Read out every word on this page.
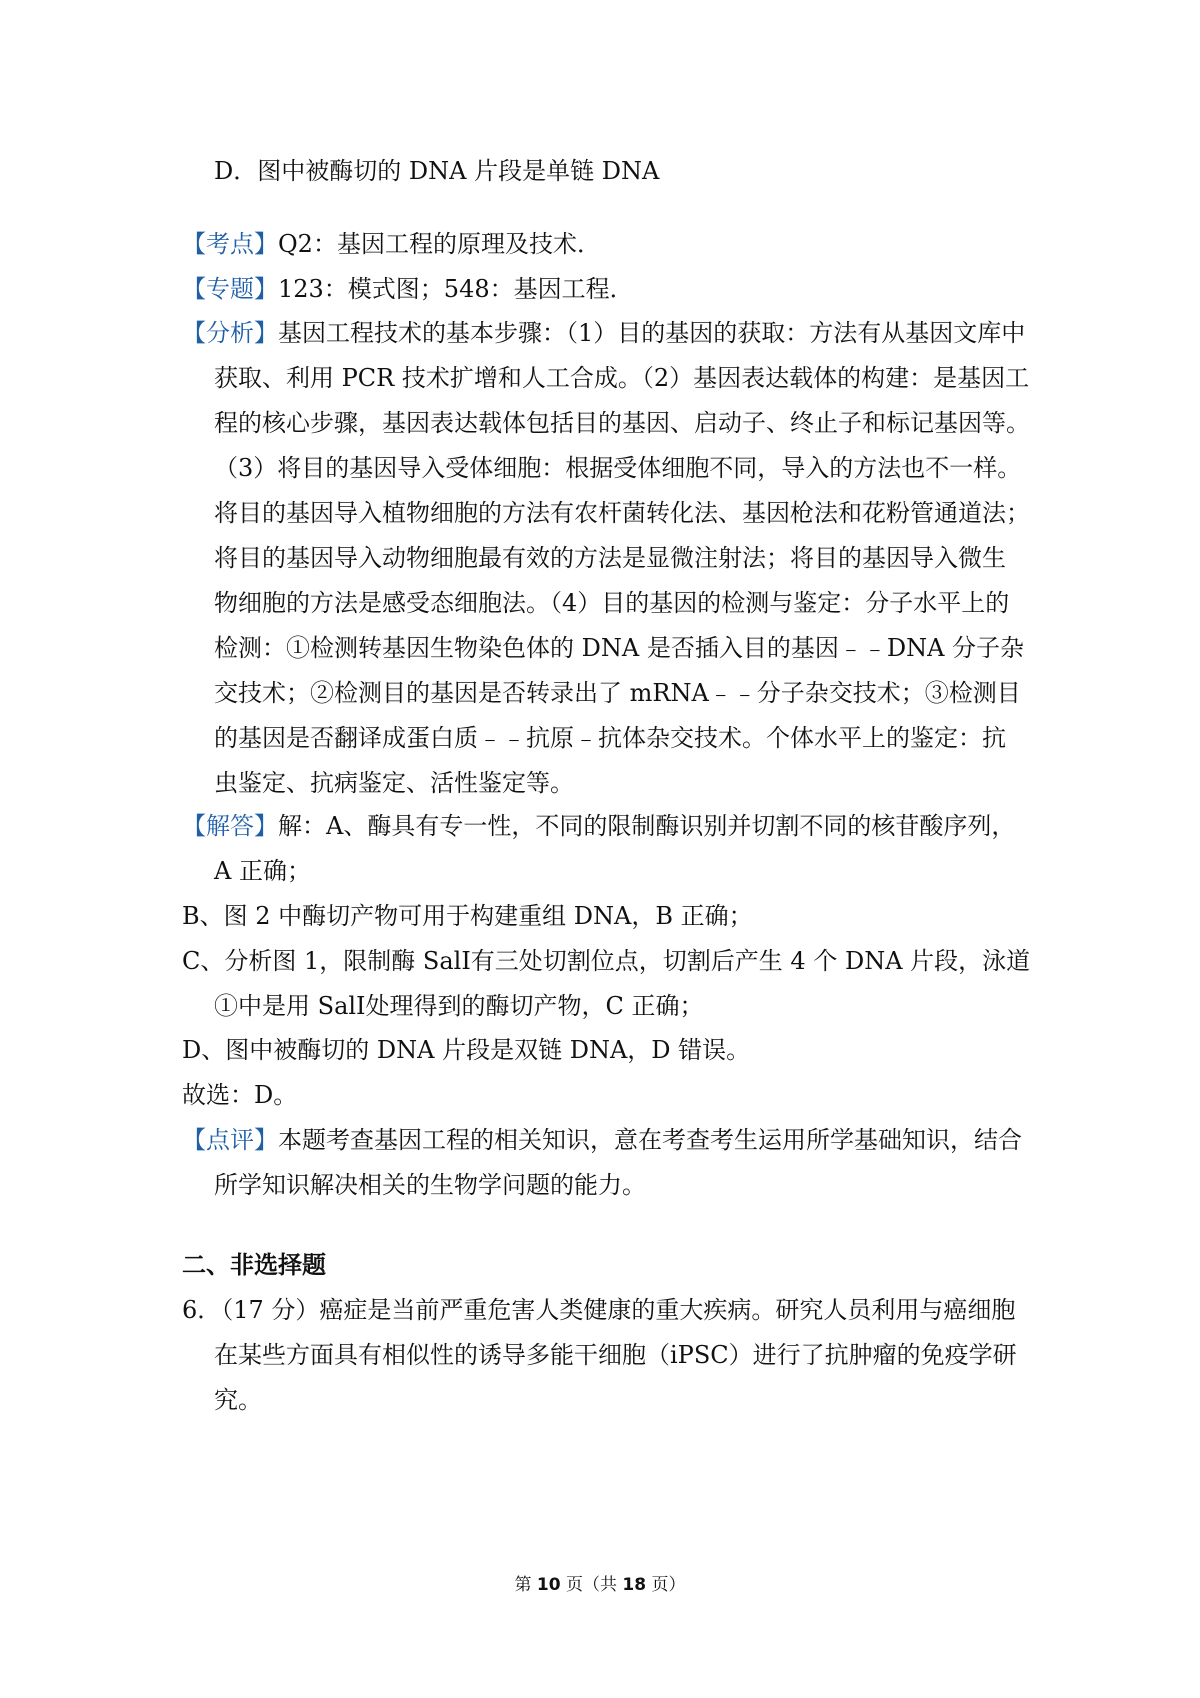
D．图中被酶切的 DNA 片段是单链 DNA
【考点】Q2：基因工程的原理及技术．
【专题】123：模式图；548：基因工程．
【分析】基因工程技术的基本步骤：（1）目的基因的获取：方法有从基因文库中
获取、利用 PCR 技术扩增和人工合成。（2）基因表达载体的构建：是基因工
程的核心步骤，基因表达载体包括目的基因、启动子、终止子和标记基因等。
（3）将目的基因导入受体细胞：根据受体细胞不同，导入的方法也不一样。
将目的基因导入植物细胞的方法有农杆菌转化法、基因枪法和花粉管通道法；
将目的基因导入动物细胞最有效的方法是显微注射法；将目的基因导入微生
物细胞的方法是感受态细胞法。（4）目的基因的检测与鉴定：分子水平上的
检测：①检测转基因生物染色体的 DNA 是否插入目的基因﹣﹣DNA 分子杂
交技术；②检测目的基因是否转录出了 mRNA﹣﹣分子杂交技术；③检测目
的基因是否翻译成蛋白质﹣﹣抗原﹣抗体杂交技术。个体水平上的鉴定：抗
虫鉴定、抗病鉴定、活性鉴定等。
【解答】解：A、酶具有专一性，不同的限制酶识别并切割不同的核苷酸序列，
A 正确；
B、图 2 中酶切产物可用于构建重组 DNA，B 正确；
C、分析图 1，限制酶 SalⅠ有三处切割位点，切割后产生 4 个 DNA 片段，泳道
①中是用 SalⅠ处理得到的酶切产物，C 正确；
D、图中被酶切的 DNA 片段是双链 DNA，D 错误。
故选：D。
【点评】本题考查基因工程的相关知识，意在考查考生运用所学基础知识，结合
所学知识解决相关的生物学问题的能力。
二、非选择题
6．（17 分）癌症是当前严重危害人类健康的重大疾病。研究人员利用与癌细胞
在某些方面具有相似性的诱导多能干细胞（iPSC）进行了抗肿瘤的免疫学研
究。
第 10 页（共 18 页）
